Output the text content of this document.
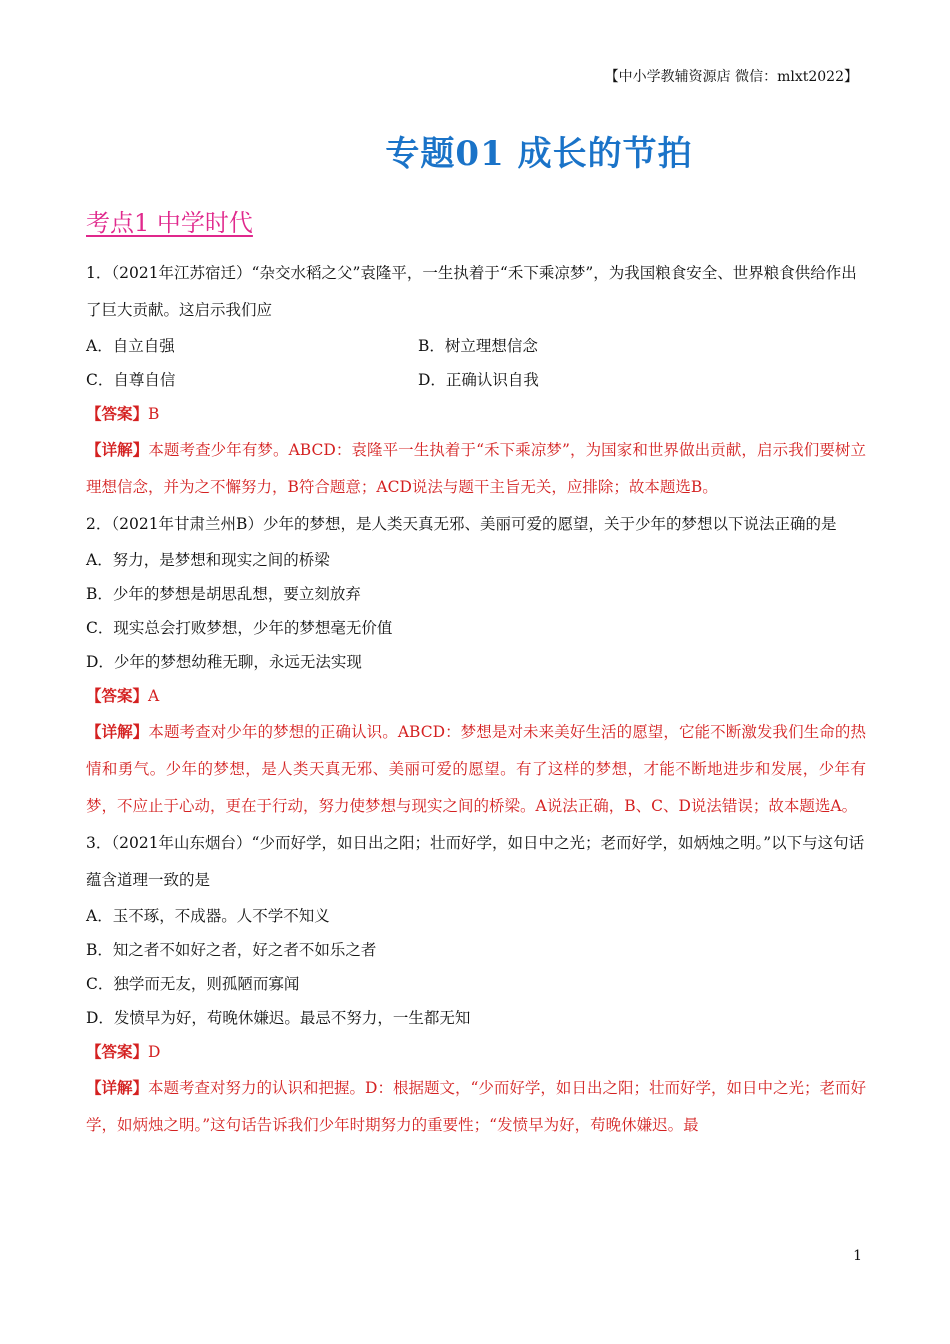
【中小学教辅资源店 微信：mlxt2022】
专题01 成长的节拍
考点1 中学时代
1．（2021年江苏宿迁）“杂交水稻之父”袁隆平，一生执着于“禾下乘凉梦”，为我国粮食安全、世界粮食供给作出了巨大贡献。这启示我们应
A．自立自强	B．树立理想信念
C．自尊自信	D．正确认识自我
【答案】B
【详解】本题考查少年有梦。ABCD：袁隆平一生执着于“禾下乘凉梦”，为国家和世界做出贡献，启示我们要树立理想信念，并为之不懈努力，B符合题意；ACD说法与题干主旨无关，应排除；故本题选B。
2．（2021年甘肃兰州B）少年的梦想，是人类天真无邪、美丽可爱的愿望，关于少年的梦想以下说法正确的是
A．努力，是梦想和现实之间的桥梁
B．少年的梦想是胡思乱想，要立刻放弃
C．现实总会打败梦想，少年的梦想毫无价值
D．少年的梦想幼稚无聊，永远无法实现
【答案】A
【详解】本题考查对少年的梦想的正确认识。ABCD：梦想是对未来美好生活的愿望，它能不断激发我们生命的热情和勇气。少年的梦想，是人类天真无邪、美丽可爱的愿望。有了这样的梦想，才能不断地进步和发展，少年有梦，不应止于心动，更在于行动，努力使梦想与现实之间的桥梁。A说法正确，B、C、D说法错误；故本题选A。
3．（2021年山东烟台）“少而好学，如日出之阳；壮而好学，如日中之光；老而好学，如炳烛之明。”以下与这句话蕴含道理一致的是
A．玉不琢，不成器。人不学不知义
B．知之者不如好之者，好之者不如乐之者
C．独学而无友，则孤陋而寡闻
D．发愤早为好，苟晚休嫌迟。最忌不努力，一生都无知
【答案】D
【详解】本题考查对努力的认识和把握。D：根据题文，“少而好学，如日出之阳；壮而好学，如日中之光；老而好学，如炳烛之明。”这句话告诉我们少年时期努力的重要性；“发愤早为好，苟晚休嫌迟。最
1
